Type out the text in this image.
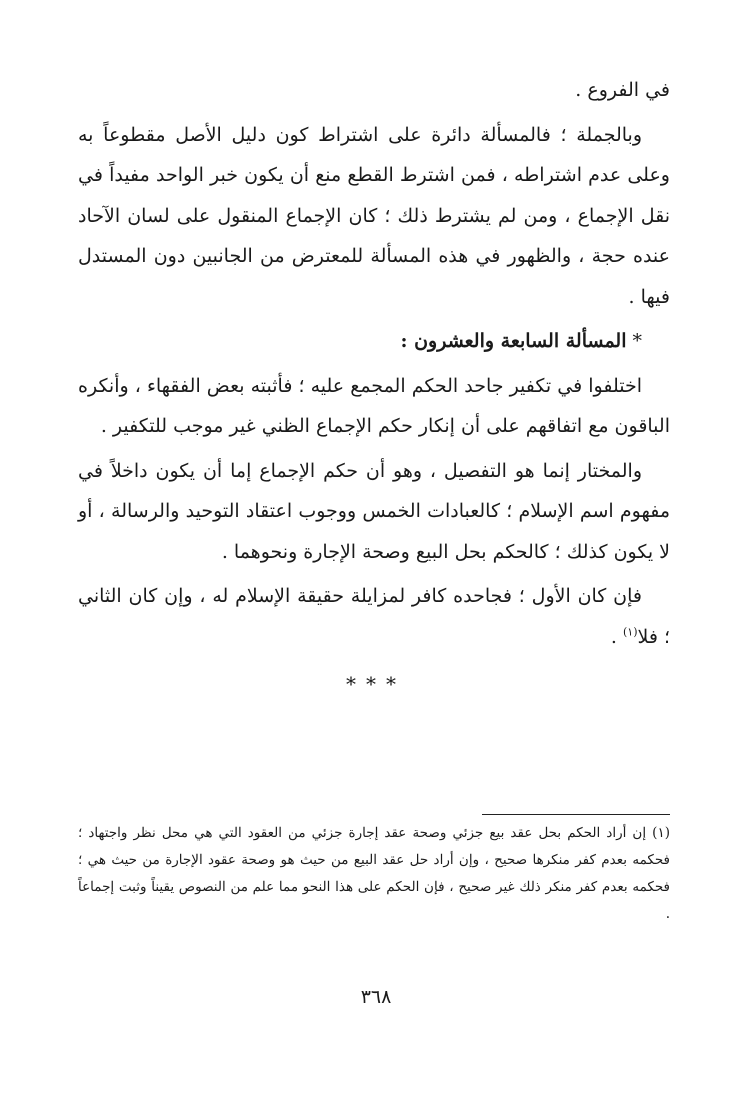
في الفروع .

وبالجملة ؛ فالمسألة دائرة على اشتراط كون دليل الأصل مقطوعاً به وعلى عدم اشتراطه ، فمن اشترط القطع منع أن يكون خبر الواحد مفيداً في نقل الإجماع ، ومن لم يشترط ذلك ؛ كان الإجماع المنقول على لسان الآحاد عنده حجة ، والظهور في هذه المسألة للمعترض من الجانبين دون المستدل فيها .

*المسألة السابعة والعشرون :

اختلفوا في تكفير جاحد الحكم المجمع عليه ؛ فأثبته بعض الفقهاء ، وأنكره الباقون مع اتفاقهم على أن إنكار حكم الإجماع الظني غير موجب للتكفير .

والمختار إنما هو التفصيل ، وهو أن حكم الإجماع إما أن يكون داخلاً في مفهوم اسم الإسلام ؛ كالعبادات الخمس ووجوب اعتقاد التوحيد والرسالة ، أو لا يكون كذلك ؛ كالحكم بحل البيع وصحة الإجارة ونحوهما .

فإن كان الأول ؛ فجاحده كافر لمزايلة حقيقة الإسلام له ، وإن كان الثاني ؛ فلا$^{(١)}$ .

***

(١) إن أراد الحكم بحل عقد بيع جزئي وصحة عقد إجارة جزئي من العقود التي هي محل نظر واجتهاد ؛ فحكمه بعدم كفر منكرها صحيح ، وإن أراد حل عقد البيع من حيث هو وصحة عقود الإجارة من حيث هي ؛ فحكمه بعدم كفر منكر ذلك غير صحيح ، فإن الحكم على هذا النحو مما علم من النصوص يقيناً وثبت إجماعاً .

٣٦٨
